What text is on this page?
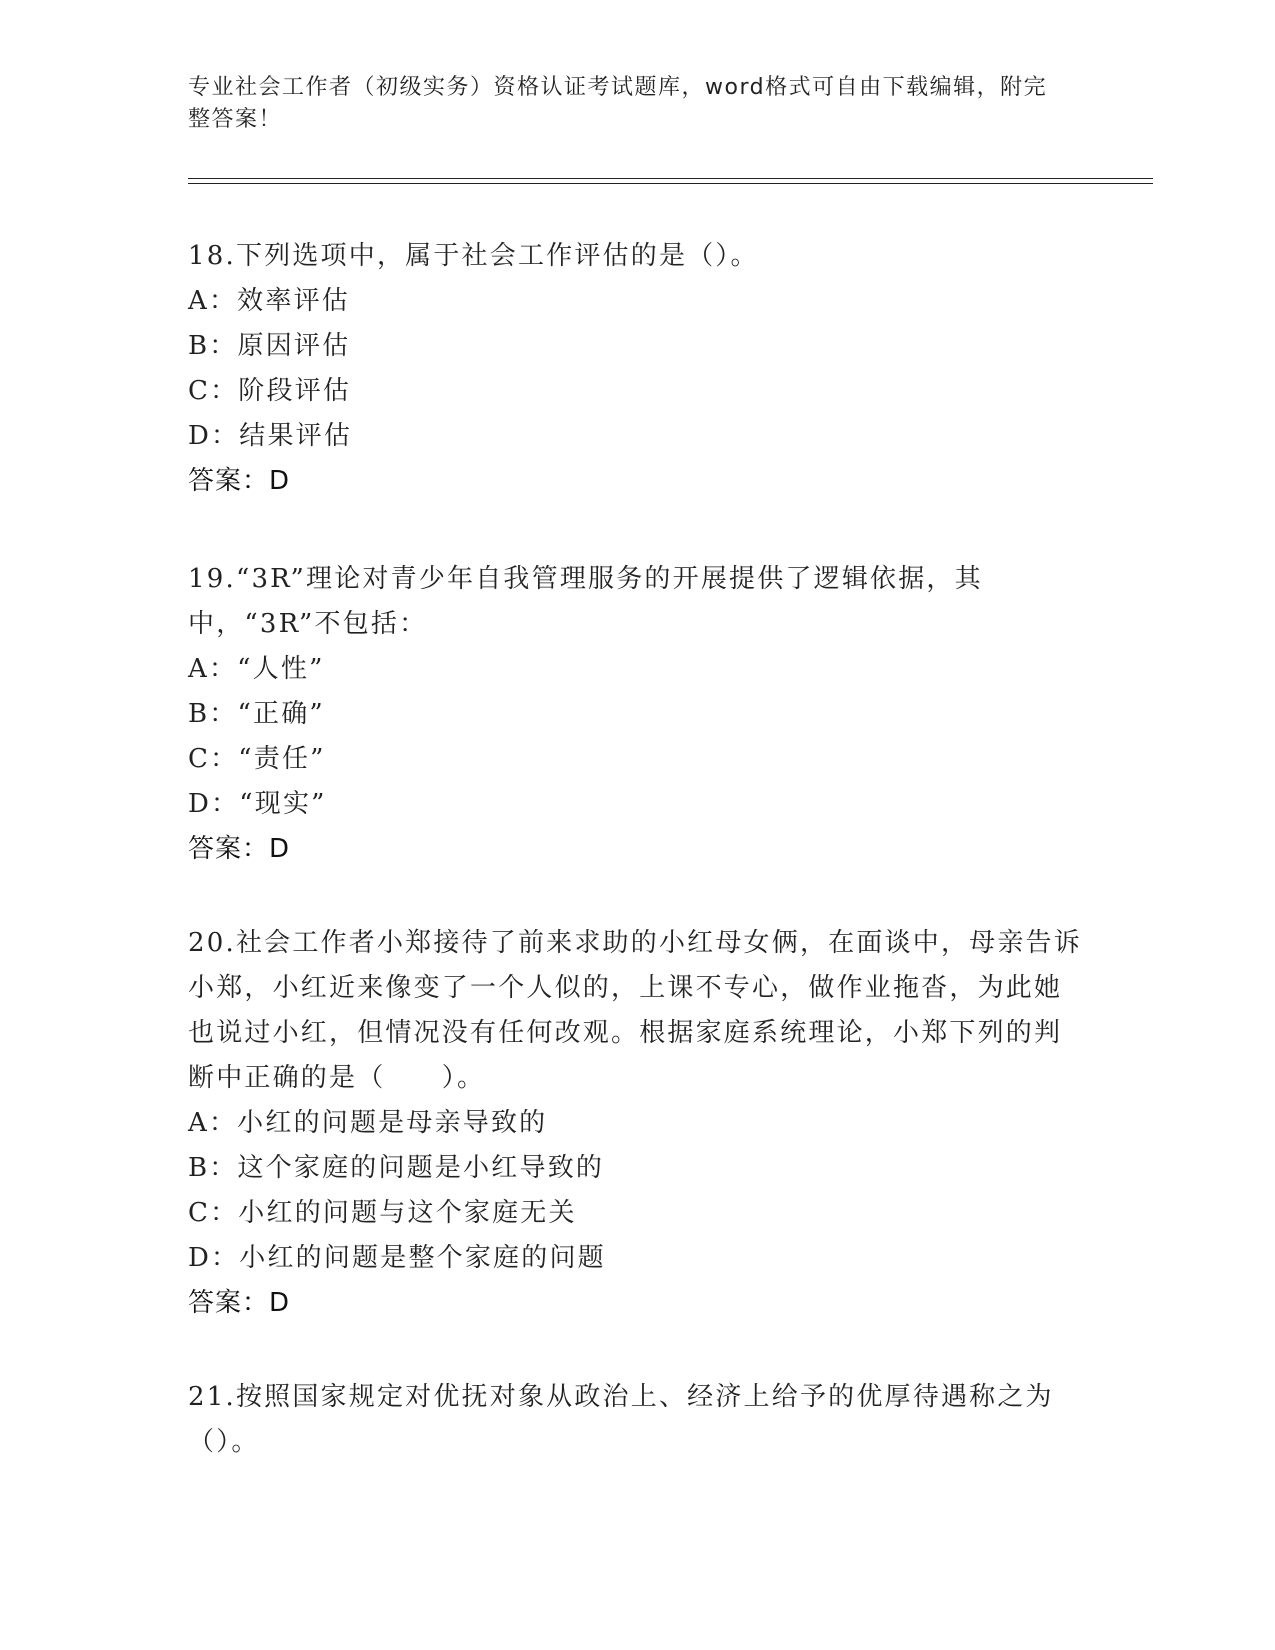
专业社会工作者（初级实务）资格认证考试题库，word格式可自由下载编辑，附完整答案！
18.下列选项中，属于社会工作评估的是（）。
A：效率评估
B：原因评估
C：阶段评估
D：结果评估
答案：D
19.“3R”理论对青少年自我管理服务的开展提供了逻辑依据，其中，“3R”不包括：
A：“人性”
B：“正确”
C：“责任”
D：“现实”
答案：D
20.社会工作者小郑接待了前来求助的小红母女俩，在面谈中，母亲告诉小郑，小红近来像变了一个人似的，上课不专心，做作业拖沓，为此她也说过小红，但情况没有任何改观。根据家庭系统理论，小郑下列的判断中正确的是（　　）。
A：小红的问题是母亲导致的
B：这个家庭的问题是小红导致的
C：小红的问题与这个家庭无关
D：小红的问题是整个家庭的问题
答案：D
21.按照国家规定对优抚对象从政治上、经济上给予的优厚待遇称之为（）。
